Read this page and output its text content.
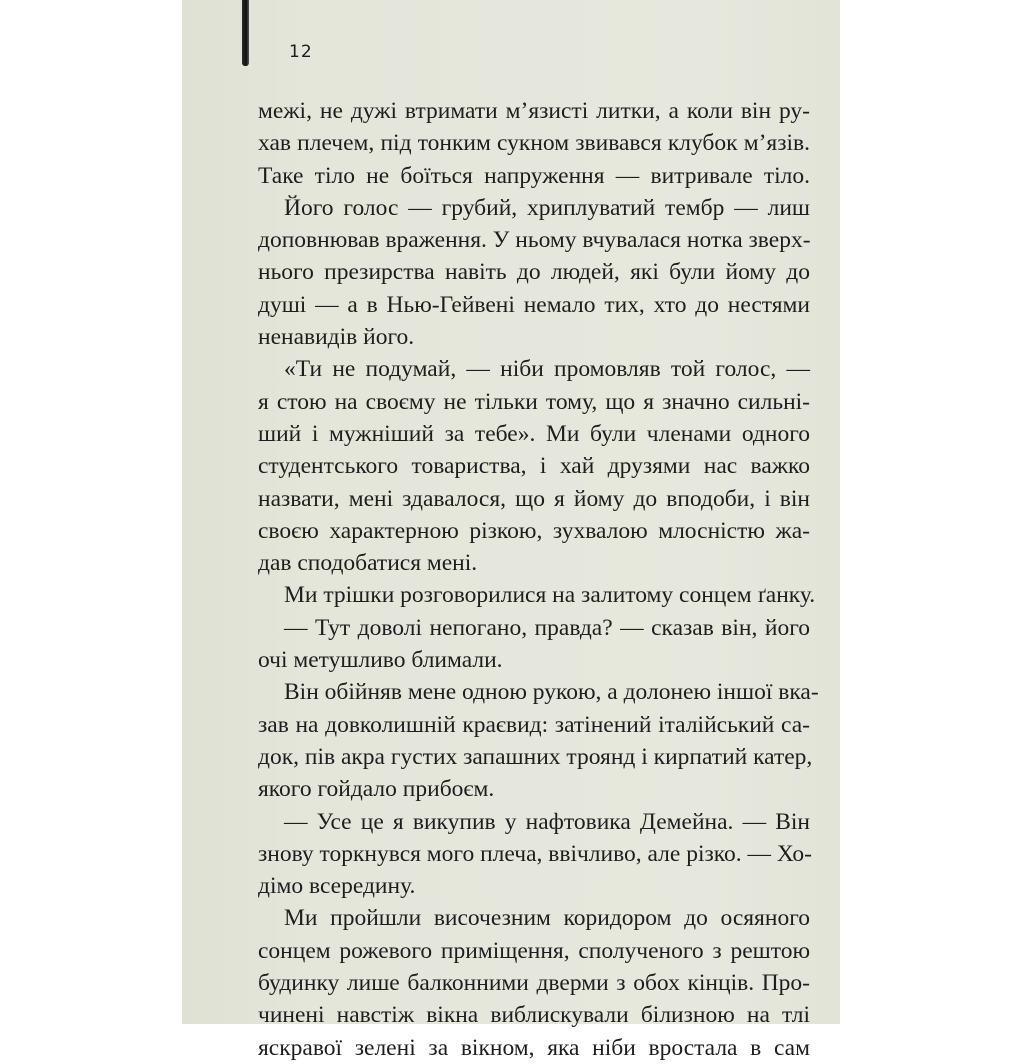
12
межі, не дужі втримати м’язисті литки, а коли він ру-
хав плечем, під тонким сукном звивався клубок м’язів.
Таке тіло не боїться напруження — витривале тіло.
Його голос — грубий, хриплуватий тембр — лиш
доповнював враження. У ньому вчувалася нотка зверх-
нього презирства навіть до людей, які були йому до
душі — а в Нью-Гейвені немало тих, хто до нестями
ненавидів його.
«Ти не подумай, — ніби промовляв той голос, —
я стою на своєму не тільки тому, що я значно сильні-
ший і мужніший за тебе». Ми були членами одного
студентського товариства, і хай друзями нас важко
назвати, мені здавалося, що я йому до вподоби, і він
своєю характерною різкою, зухвалою млосністю жа-
дав сподобатися мені.
Ми трішки розговорилися на залитому сонцем ґанку.
— Тут доволі непогано, правда? — сказав він, його
очі метушливо блимали.
Він обійняв мене одною рукою, а долонею іншої вка-
зав на довколишній краєвид: затінений італійський са-
док, пів акра густих запашних троянд і кирпатий катер,
якого гойдало прибоєм.
— Усе це я викупив у нафтовика Демейна. — Він
знову торкнувся мого плеча, ввічливо, але різко. — Хо-
дімо всередину.
Ми пройшли височезним коридором до осяяного
сонцем рожевого приміщення, сполученого з рештою
будинку лише балконними дверми з обох кінців. Про-
чинені навстіж вікна виблискували білизною на тлі
яскравої зелені за вікном, яка ніби вростала в сам
